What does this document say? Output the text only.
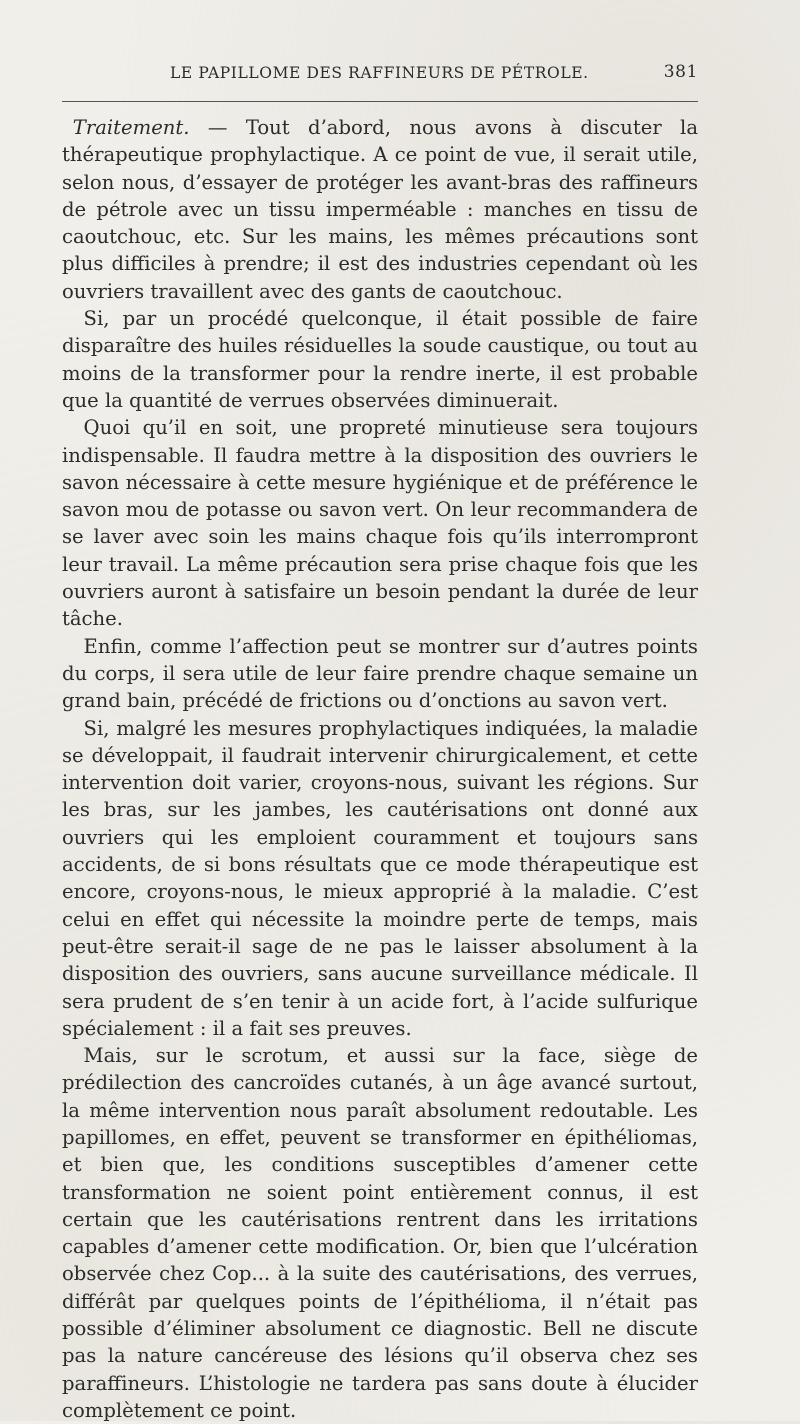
LE PAPILLOME DES RAFFINEURS DE PÉTROLE.	381

Traitement. — Tout d’abord, nous avons à discuter la thérapeutique prophylactique. A ce point de vue, il serait utile, selon nous, d’essayer de protéger les avant-bras des raffineurs de pétrole avec un tissu imperméable : manches en tissu de caoutchouc, etc. Sur les mains, les mêmes précautions sont plus difficiles à prendre; il est des industries cependant où les ouvriers travaillent avec des gants de caoutchouc.

Si, par un procédé quelconque, il était possible de faire disparaître des huiles résiduelles la soude caustique, ou tout au moins de la transformer pour la rendre inerte, il est probable que la quantité de verrues observées diminuerait.

Quoi qu’il en soit, une propreté minutieuse sera toujours indispensable. Il faudra mettre à la disposition des ouvriers le savon nécessaire à cette mesure hygiénique et de préférence le savon mou de potasse ou savon vert. On leur recommandera de se laver avec soin les mains chaque fois qu’ils interrompront leur travail. La même précaution sera prise chaque fois que les ouvriers auront à satisfaire un besoin pendant la durée de leur tâche.

Enfin, comme l’affection peut se montrer sur d’autres points du corps, il sera utile de leur faire prendre chaque semaine un grand bain, précédé de frictions ou d’onctions au savon vert.

Si, malgré les mesures prophylactiques indiquées, la maladie se développait, il faudrait intervenir chirurgicalement, et cette intervention doit varier, croyons-nous, suivant les régions. Sur les bras, sur les jambes, les cautérisations ont donné aux ouvriers qui les emploient couramment et toujours sans accidents, de si bons résultats que ce mode thérapeutique est encore, croyons-nous, le mieux approprié à la maladie. C’est celui en effet qui nécessite la moindre perte de temps, mais peut-être serait-il sage de ne pas le laisser absolument à la disposition des ouvriers, sans aucune surveillance médicale. Il sera prudent de s’en tenir à un acide fort, à l’acide sulfurique spécialement : il a fait ses preuves.

Mais, sur le scrotum, et aussi sur la face, siège de prédilection des cancroïdes cutanés, à un âge avancé surtout, la même intervention nous paraît absolument redoutable. Les papillomes, en effet, peuvent se transformer en épithéliomas, et bien que, les conditions susceptibles d’amener cette transformation ne soient point entièrement connus, il est certain que les cautérisations rentrent dans les irritations capables d’amener cette modification. Or, bien que l’ulcération observée chez Cop... à la suite des cautérisations, des verrues, différât par quelques points de l’épithélioma, il n’était pas possible d’éliminer absolument ce diagnostic. Bell ne discute pas la nature cancéreuse des lésions qu’il observa chez ses paraffineurs. L’histologie ne tardera pas sans doute à élucider complètement ce point.
